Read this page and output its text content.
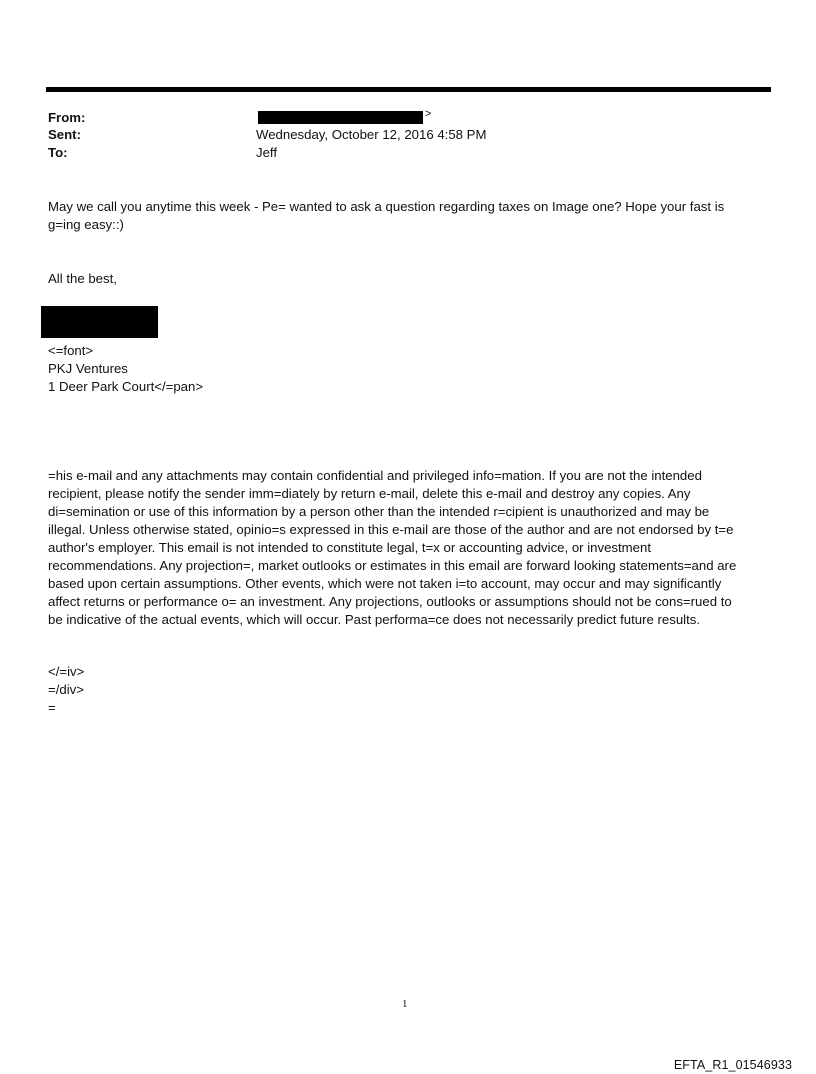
From:	>
Sent:	Wednesday, October 12, 2016 4:58 PM
To:	Jeff
May we call you anytime this week - Pe= wanted to ask a question regarding taxes on Image one? Hope your fast is
g=ing easy::)
All the best,
<=font>
PKJ Ventures
1 Deer Park Court</=pan>
=his e-mail and any attachments may contain confidential and privileged info=mation. If you are not the intended
recipient, please notify the sender imm=diately by return e-mail, delete this e-mail and destroy any copies. Any
di=semination or use of this information by a person other than the intended r=cipient is unauthorized and may be
illegal. Unless otherwise stated, opinio=s expressed in this e-mail are those of the author and are not endorsed by t=e
author's employer. This email is not intended to constitute legal, t=x or accounting advice, or investment
recommendations. Any projection=, market outlooks or estimates in this email are forward looking statements=and are
based upon certain assumptions. Other events, which were not taken i=to account, may occur and may significantly
affect returns or performance o= an investment. Any projections, outlooks or assumptions should not be cons=rued to
be indicative of the actual events, which will occur. Past performa=ce does not necessarily predict future results.
</=iv>
=/div>
=
1
EFTA_R1_01546933
